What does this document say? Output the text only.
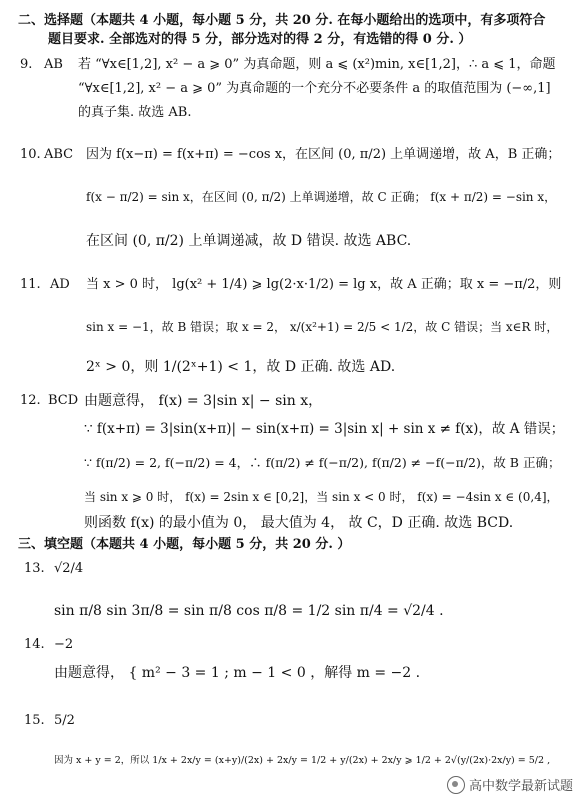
二、选择题（本题共 4 小题，每小题 5 分，共 20 分. 在每小题给出的选项中，有多项符合
题目要求. 全部选对的得 5 分，部分选对的得 2 分，有选错的得 0 分. ）
9. AB 若 “∀x∈[1,2], x² − a ⩾ 0” 为真命题，则 a ⩽ (x²)min, x∈[1,2]，∴ a ⩽ 1，命题
“∀x∈[1,2], x² − a ⩾ 0” 为真命题的一个充分不必要条件 a 的取值范围为 (−∞,1]
的真子集. 故选 AB.
10. ABC 因为 f(x−π) = f(x+π) = −cos x，在区间 (0, π/2) 上单调递增，故 A，B 正确；
f(x − π/2) = sin x，在区间 (0, π/2) 上单调递增，故 C 正确； f(x + π/2) = −sin x，
在区间 (0, π/2) 上单调递减，故 D 错误. 故选 ABC.
11. AD 当 x > 0 时， lg(x² + 1/4) ⩾ lg(2·x·1/2) = lg x，故 A 正确；取 x = −π/2，则
sin x = −1，故 B 错误；取 x = 2， x/(x²+1) = 2/5 < 1/2，故 C 错误；当 x∈R 时，
2ˣ > 0，则 1/(2ˣ+1) < 1，故 D 正确. 故选 AD.
12. BCD 由题意得， f(x) = 3|sin x| − sin x，
∵ f(x+π) = 3|sin(x+π)| − sin(x+π) = 3|sin x| + sin x ≠ f(x)，故 A 错误；
∵ f(π/2) = 2, f(−π/2) = 4，∴ f(π/2) ≠ f(−π/2), f(π/2) ≠ −f(−π/2)，故 B 正确；
当 sin x ⩾ 0 时， f(x) = 2sin x ∈ [0,2]，当 sin x < 0 时， f(x) = −4sin x ∈ (0,4]，
则函数 f(x) 的最小值为 0， 最大值为 4， 故 C，D 正确. 故选 BCD.
三、填空题（本题共 4 小题，每小题 5 分，共 20 分. ）
13. √2/4
sin π/8 sin 3π/8 = sin π/8 cos π/8 = 1/2 sin π/4 = √2/4 .
14. −2
由题意得， { m² − 3 = 1 ; m − 1 < 0 ，解得 m = −2 .
15. 5/2
因为 x + y = 2，所以 1/x + 2x/y = (x+y)/(2x) + 2x/y = 1/2 + y/(2x) + 2x/y ⩾ 1/2 + 2√(y/(2x)·2x/y) = 5/2 ,
高中数学最新试题
